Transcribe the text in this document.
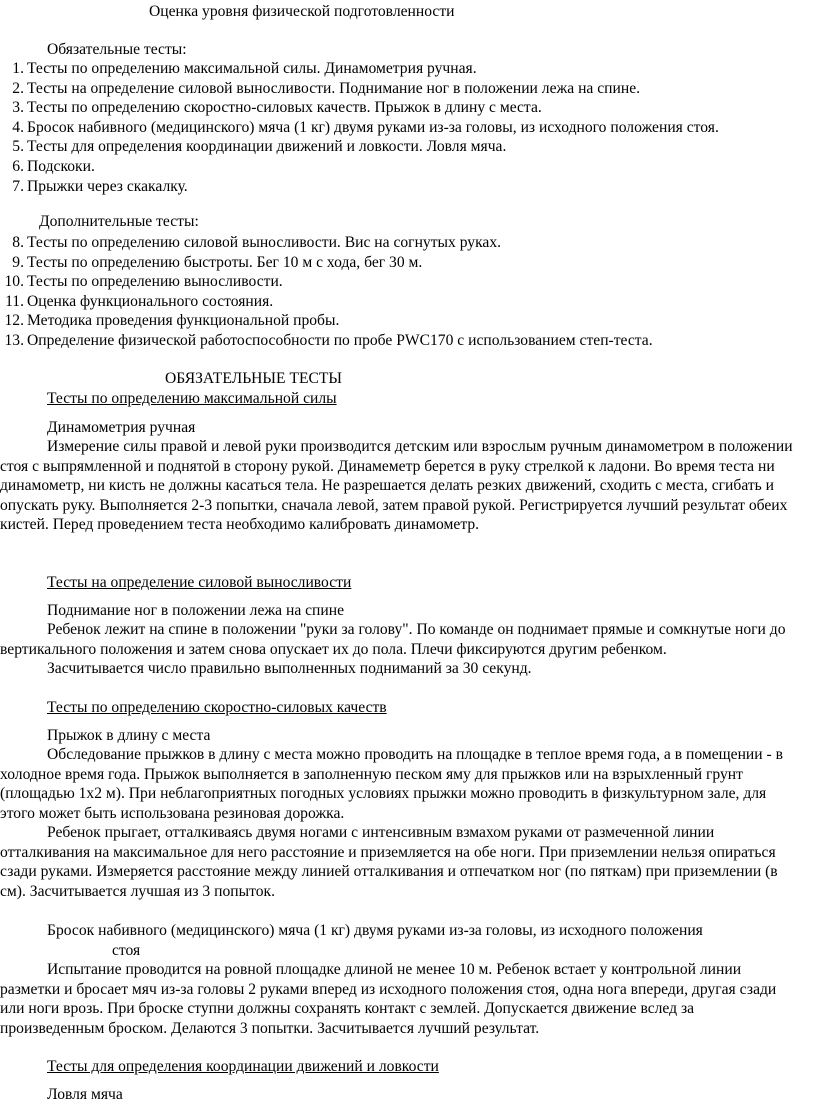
Оценка уровня физической подготовленности
Обязательные тесты:
1. Тесты по определению максимальной силы. Динамометрия ручная.
2. Тесты на определение силовой выносливости. Поднимание ног в положении лежа на спине.
3. Тесты по определению скоростно-силовых качеств. Прыжок в длину с места.
4. Бросок набивного (медицинского) мяча (1 кг) двумя руками из-за головы, из исходного положения стоя.
5. Тесты для определения координации движений и ловкости. Ловля мяча.
6. Подскоки.
7. Прыжки через скакалку.
Дополнительные тесты:
8. Тесты по определению силовой выносливости. Вис на согнутых руках.
9. Тесты по определению быстроты. Бег 10 м с хода, бег 30 м.
10. Тесты по определению выносливости.
11. Оценка функционального состояния.
12. Методика проведения функциональной пробы.
13. Определение физической работоспособности по пробе PWC170 с использованием степ-теста.
ОБЯЗАТЕЛЬНЫЕ ТЕСТЫ
Тесты по определению максимальной силы
Динамометрия ручная

Измерение силы правой и левой руки производится детским или взрослым ручным динамометром в положении стоя с выпрямленной и поднятой в сторону рукой. Динамеметр берется в руку стрелкой к ладони. Во время теста ни динамометр, ни кисть не должны касаться тела. Не разрешается делать резких движений, сходить с места, сгибать и опускать руку. Выполняется 2-3 попытки, сначала левой, затем правой рукой. Регистрируется лучший результат обеих кистей. Перед проведением теста необходимо калибровать динамометр.

Тесты на определение силовой выносливости
Поднимание ног в положении лежа на спине

Ребенок лежит на спине в положении "руки за голову". По команде он поднимает прямые и сомкнутые ноги до вертикального положения и затем снова опускает их до пола. Плечи фиксируются другим ребенком.

Засчитывается число правильно выполненных подниманий за 30 секунд.

Тесты по определению скоростно-силовых качеств
Прыжок в длину с места

Обследование прыжков в длину с места можно проводить на площадке в теплое время года, а в помещении - в холодное время года. Прыжок выполняется в заполненную песком яму для прыжков или на взрыхленный грунт (площадью 1х2 м). При неблагоприятных погодных условиях прыжки можно проводить в физкультурном зале, для этого может быть использована резиновая дорожка.

Ребенок прыгает, отталкиваясь двумя ногами с интенсивным взмахом руками от размеченной линии отталкивания на максимальное для него расстояние и приземляется на обе ноги. При приземлении нельзя опираться сзади руками. Измеряется расстояние между линией отталкивания и отпечатком ног (по пяткам) при приземлении (в см). Засчитывается лучшая из 3 попыток.

Бросок набивного (медицинского) мяча (1 кг) двумя руками из-за головы, из исходного положения
стоя

Испытание проводится на ровной площадке длиной не менее 10 м. Ребенок встает у контрольной линии разметки и бросает мяч из-за головы 2 руками вперед из исходного положения стоя, одна нога впереди, другая сзади или ноги врозь. При броске ступни должны сохранять контакт с землей. Допускается движение вслед за произведенным броском. Делаются 3 попытки. Засчитывается лучший результат.

Тесты для определения координации движений и ловкости
Ловля мяча
